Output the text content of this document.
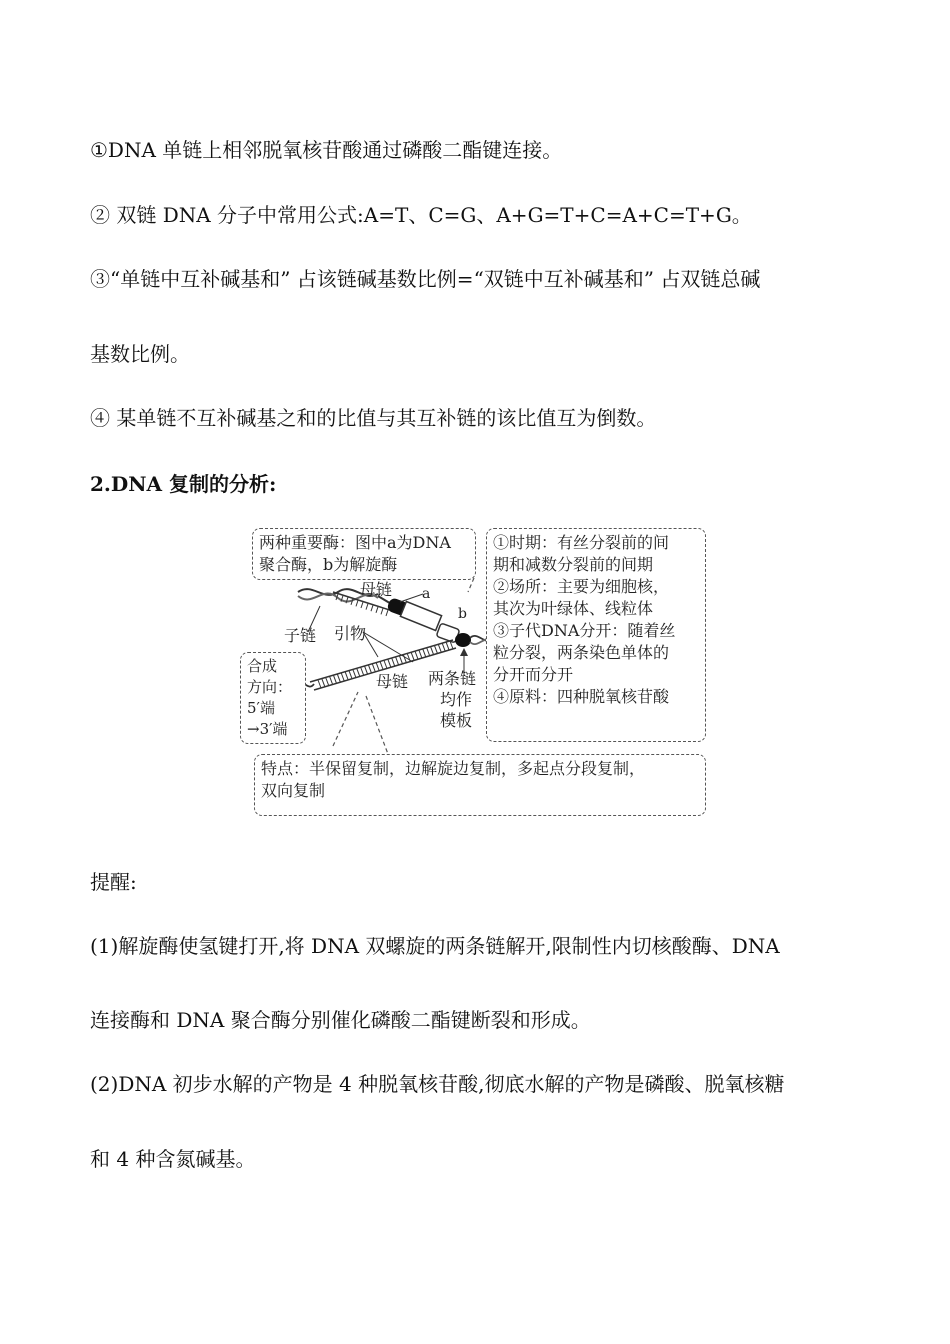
①DNA 单链上相邻脱氧核苷酸通过磷酸二酯键连接。

② 双链 DNA 分子中常用公式:A=T、C=G、A+G=T+C=A+C=T+G。

③“单链中互补碱基和” 占该链碱基数比例=“双链中互补碱基和” 占双链总碱

基数比例。

④ 某单链不互补碱基之和的比值与其互补链的该比值互为倒数。

2.DNA 复制的分析:

两种重要酶：图中a为DNA
聚合酶，b为解旋酶
①时期：有丝分裂前的间
期和减数分裂前的间期
②场所：主要为细胞核，
其次为叶绿体、线粒体
③子代DNA分开：随着丝
粒分裂，两条染色单体的
分开而分开
④原料：四种脱氧核苷酸
合成
方向：
5′端
→3′端
特点：半保留复制，边解旋边复制，多起点分段复制，
双向复制
母链 a
b
子链 引物
母链 两条链
均作
模板

提醒:

(1)解旋酶使氢键打开,将 DNA 双螺旋的两条链解开,限制性内切核酸酶、DNA

连接酶和 DNA 聚合酶分别催化磷酸二酯键断裂和形成。

(2)DNA 初步水解的产物是 4 种脱氧核苷酸,彻底水解的产物是磷酸、脱氧核糖

和 4 种含氮碱基。
